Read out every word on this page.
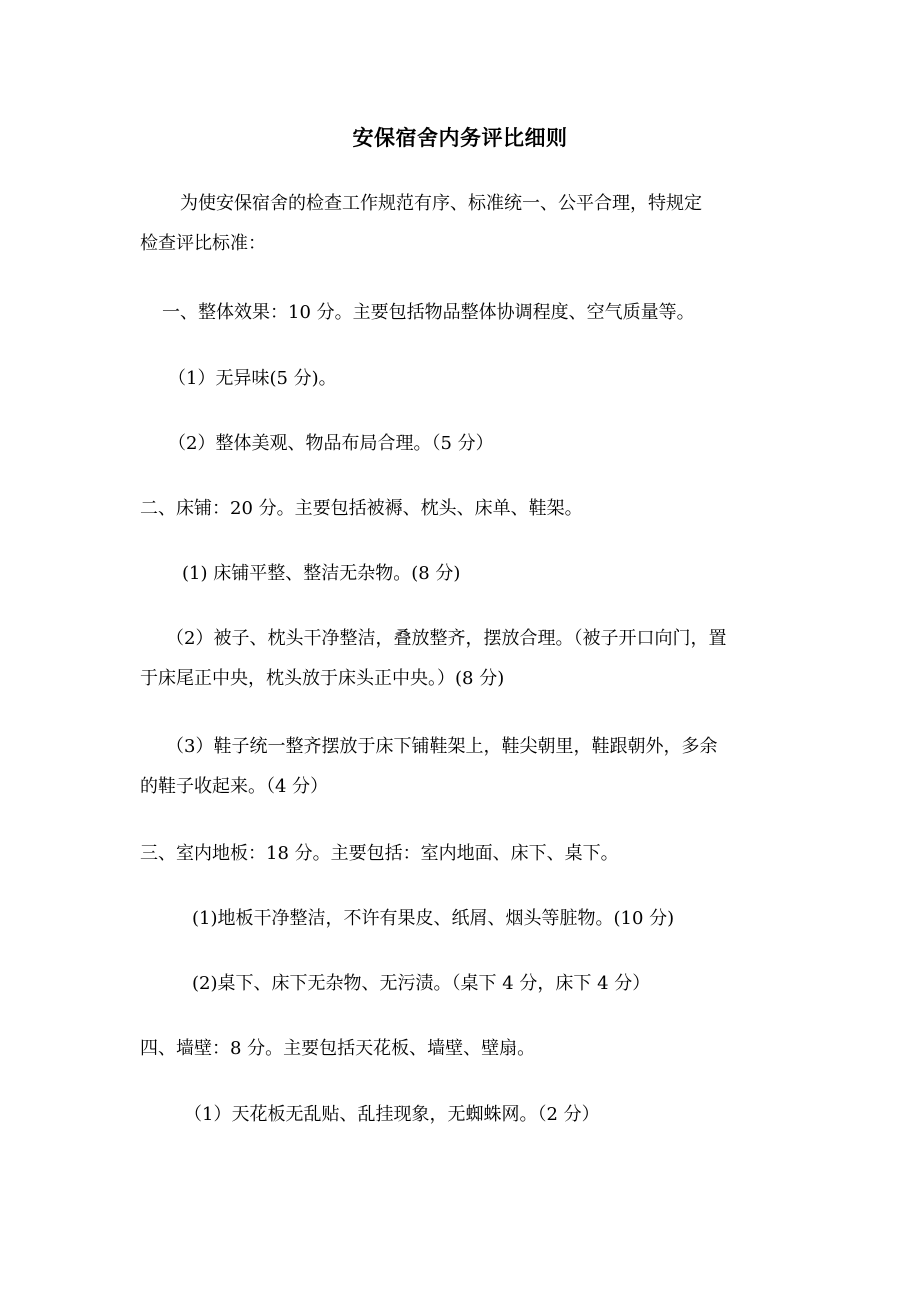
安保宿舍内务评比细则
为使安保宿舍的检查工作规范有序、标准统一、公平合理，特规定
检查评比标准：
一、整体效果：10 分。主要包括物品整体协调程度、空气质量等。
（1）无异味(5 分)。
（2）整体美观、物品布局合理。（5 分）
二、床铺：20 分。主要包括被褥、枕头、床单、鞋架。
(1) 床铺平整、整洁无杂物。(8 分)
（2）被子、枕头干净整洁，叠放整齐，摆放合理。（被子开口向门，置
于床尾正中央，枕头放于床头正中央。）(8 分)
（3）鞋子统一整齐摆放于床下铺鞋架上，鞋尖朝里，鞋跟朝外，多余
的鞋子收起来。（4 分）
三、室内地板：18 分。主要包括：室内地面、床下、桌下。
(1)地板干净整洁，不许有果皮、纸屑、烟头等脏物。(10 分)
(2)桌下、床下无杂物、无污渍。（桌下 4 分，床下 4 分）
四、墙壁：8 分。主要包括天花板、墙壁、壁扇。
（1）天花板无乱贴、乱挂现象，无蜘蛛网。（2 分）
